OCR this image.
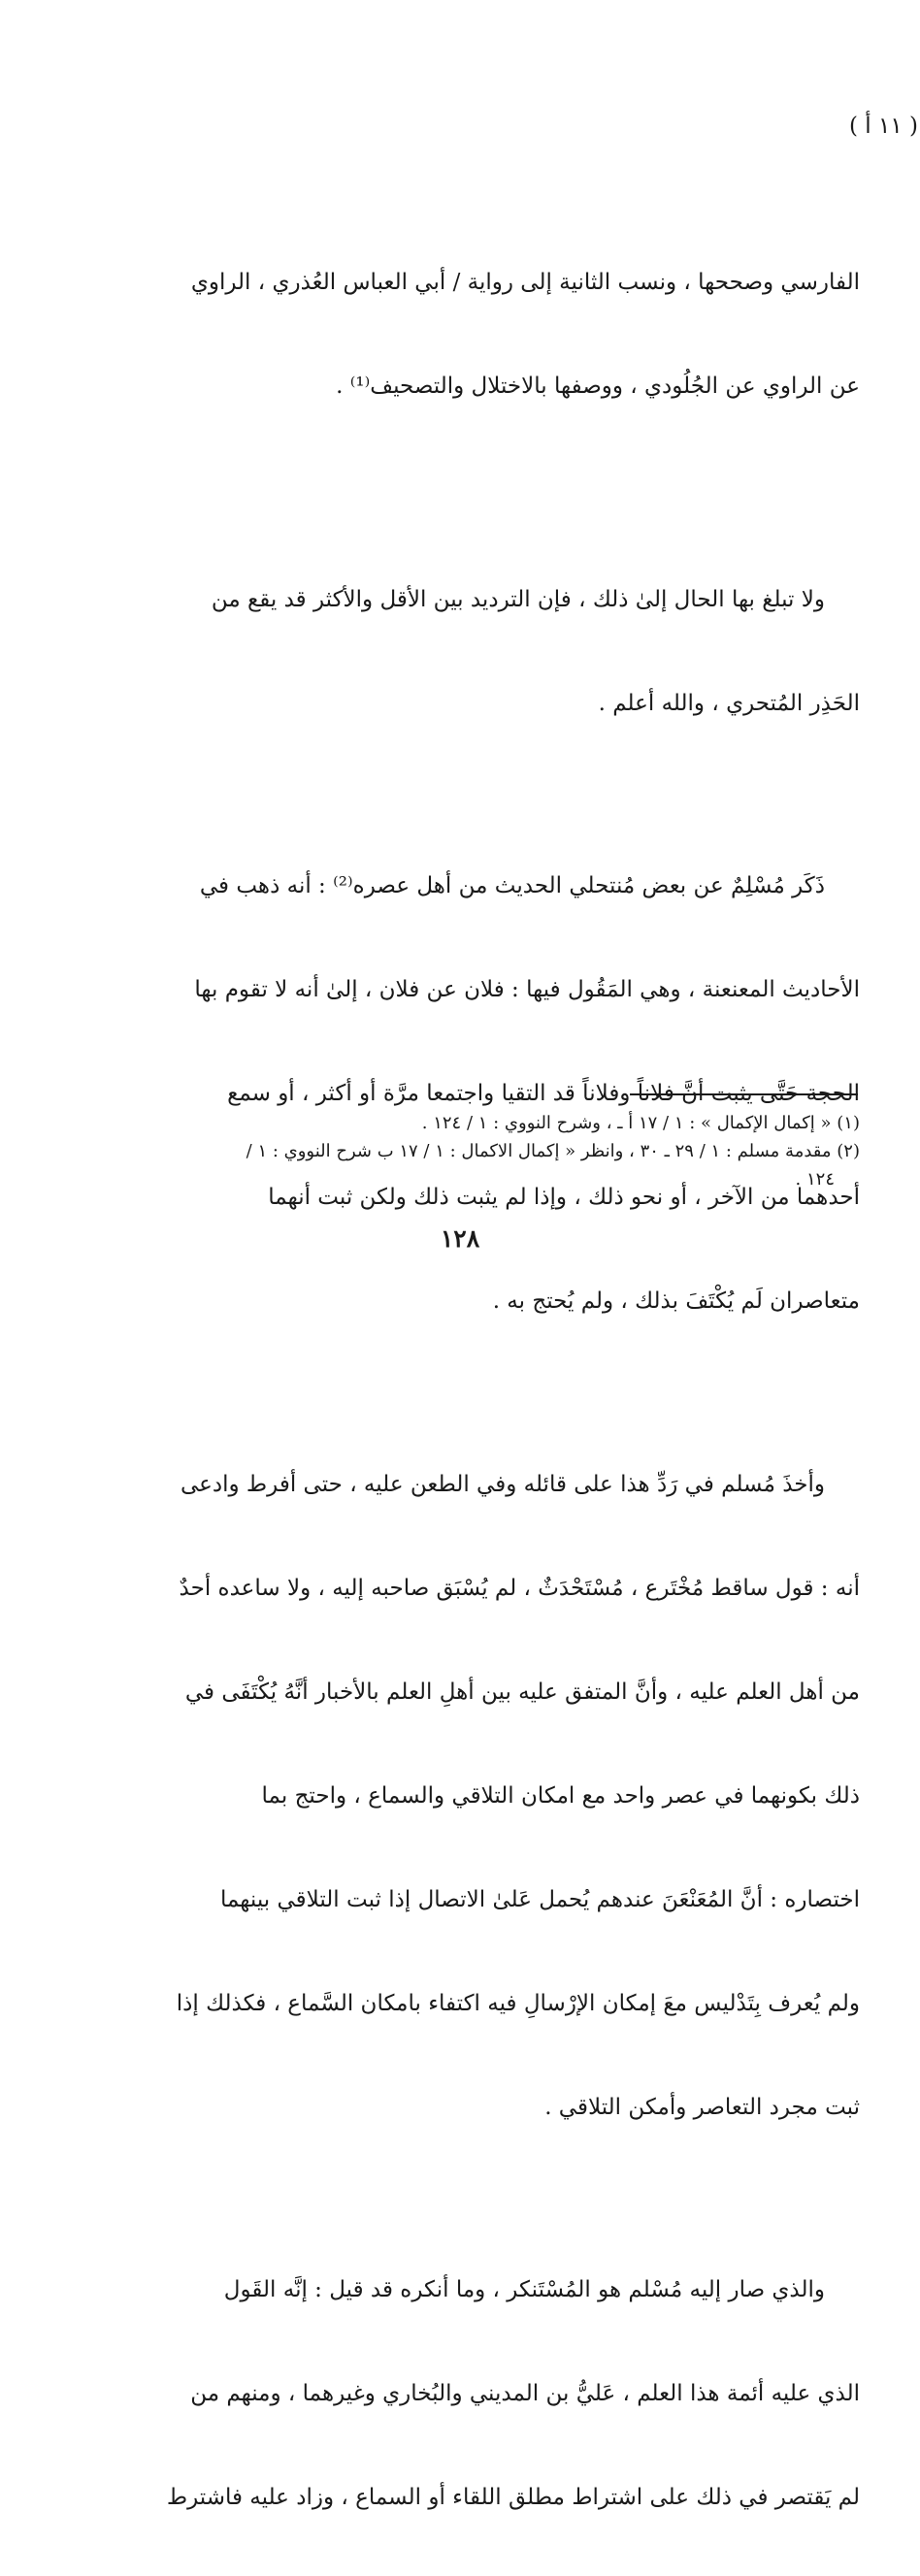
( ١١ أ )

الفارسي وصححها ، ونسب الثانية إلى رواية / أبي العباس العُذري ، الراوي

عن الراوي عن الجُلُودي ، ووصفها بالاختلال والتصحيف⁽¹⁾ .

ولا تبلغ بها الحال إلىٰ ذلك ، فإن الترديد بين الأقل والأكثر قد يقع من

الحَذِر المُتحري ، والله أعلم .

ذَكَر مُسْلِمٌ عن بعض مُنتحلي الحديث من أهل عصره⁽²⁾ : أنه ذهب في

الأحاديث المعنعنة ، وهي المَقُول فيها : فلان عن فلان ، إلىٰ أنه لا تقوم بها

الحجة حَتَّى يثبت أنَّ فلاناً وفلاناً قد التقيا واجتمعا مرَّة أو أكثر ، أو سمع

أحدهما من الآخر ، أو نحو ذلك ، وإذا لم يثبت ذلك ولكن ثبت أنهما

متعاصران لَم يُكْتَفَ بذلك ، ولم يُحتج به .

وأخذَ مُسلم في رَدِّ هذا على قائله وفي الطعن عليه ، حتى أفرط وادعى

أنه : قول ساقط مُخْتَرع ، مُسْتَحْدَثٌ ، لم يُسْبَق صاحبه إليه ، ولا ساعده أحدٌ

من أهل العلم عليه ، وأنَّ المتفق عليه بين أهلِ العلم بالأخبار أنَّهُ يُكْتَفَى في

ذلك بكونهما في عصر واحد مع امكان التلاقي والسماع ، واحتج بما

اختصاره : أنَّ المُعَنْعَنَ عندهم يُحمل عَلىٰ الاتصال إذا ثبت التلاقي بينهما

ولم يُعرف بِتَدْليس معَ إمكان الإرْسالِ فيه اكتفاء بامكان السَّماع ، فكذلك إذا

ثبت مجرد التعاصر وأمكن التلاقي .

والذي صار إليه مُسْلم هو المُسْتَنكر ، وما أنكره قد قيل : إنَّه القَول

الذي عليه أئمة هذا العلم ، عَليُّ بن المديني والبُخاري وغيرهما ، ومنهم من

لم يَقتصر في ذلك على اشتراط مطلق اللقاء أو السماع ، وزاد عليه فاشترط

(١) « إكمال الإكمال » : ١ / ١٧ أ ـ ، وشرح النووي : ١ / ١٢٤ .

(٢) مقدمة مسلم : ١ / ٢٩ ـ ٣٠ ، وانظر « إكمال الاكمال : ١ / ١٧ ب شرح النووي : ١ /

١٢٤ .

١٢٨
